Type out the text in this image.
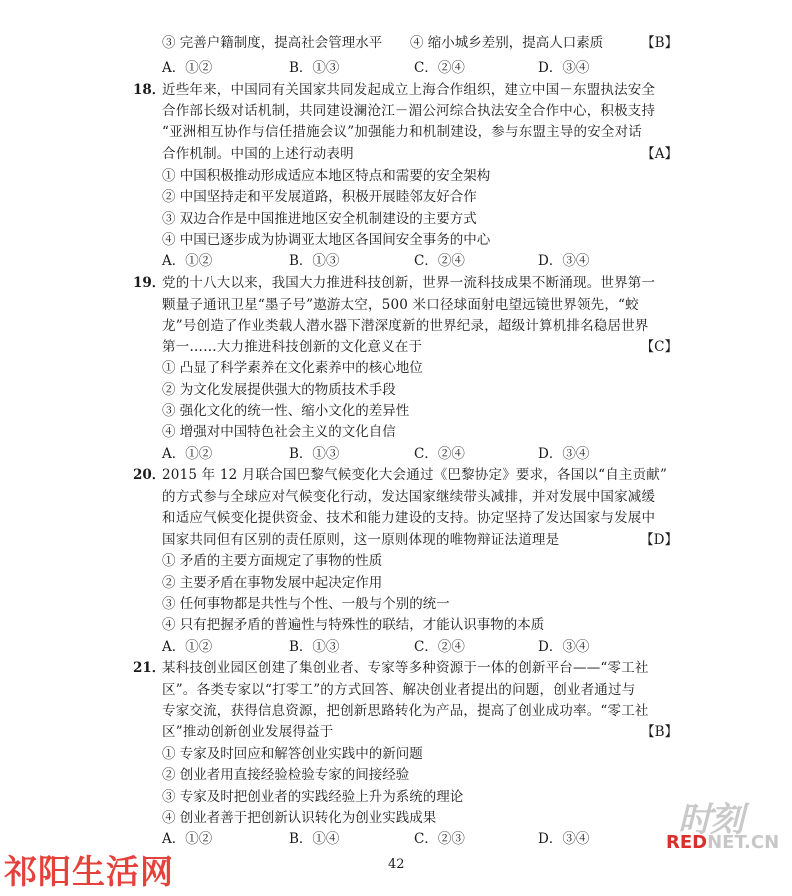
③ 完善户籍制度，提高社会管理水平 ④ 缩小城乡差别，提高人口素质	【B】
A．①②	B．①③	C．②④	D．③④
18．
近些年来，中国同有关国家共同发起成立上海合作组织，建立中国－东盟执法安全
合作部长级对话机制，共同建设澜沧江－湄公河综合执法安全合作中心，积极支持
“亚洲相互协作与信任措施会议”加强能力和机制建设，参与东盟主导的安全对话
合作机制。中国的上述行动表明	【A】
① 中国积极推动形成适应本地区特点和需要的安全架构
② 中国坚持走和平发展道路，积极开展睦邻友好合作
③ 双边合作是中国推进地区安全机制建设的主要方式
④ 中国已逐步成为协调亚太地区各国间安全事务的中心
A．①②	B．①③	C．②④	D．③④
19．
党的十八大以来，我国大力推进科技创新，世界一流科技成果不断涌现。世界第一
颗量子通讯卫星“墨子号”遨游太空，500 米口径球面射电望远镜世界领先，“蛟
龙”号创造了作业类载人潜水器下潜深度新的世界纪录，超级计算机排名稳居世界
第一……大力推进科技创新的文化意义在于	【C】
① 凸显了科学素养在文化素养中的核心地位
② 为文化发展提供强大的物质技术手段
③ 强化文化的统一性、缩小文化的差异性
④ 增强对中国特色社会主义的文化自信
A．①②	B．①③	C．②④	D．③④
20．
2015 年 12 月联合国巴黎气候变化大会通过《巴黎协定》要求，各国以“自主贡献”
的方式参与全球应对气候变化行动，发达国家继续带头减排，并对发展中国家减缓
和适应气候变化提供资金、技术和能力建设的支持。协定坚持了发达国家与发展中
国家共同但有区别的责任原则，这一原则体现的唯物辩证法道理是	【D】
① 矛盾的主要方面规定了事物的性质
② 主要矛盾在事物发展中起决定作用
③ 任何事物都是共性与个性、一般与个别的统一
④ 只有把握矛盾的普遍性与特殊性的联结，才能认识事物的本质
A．①②	B．①③	C．②④	D．③④
21．
某科技创业园区创建了集创业者、专家等多种资源于一体的创新平台——“零工社
区”。各类专家以“打零工”的方式回答、解决创业者提出的问题，创业者通过与
专家交流，获得信息资源，把创新思路转化为产品，提高了创业成功率。“零工社
区”推动创新创业发展得益于	【B】
① 专家及时回应和解答创业实践中的新问题
② 创业者用直接经验检验专家的间接经验
③ 专家及时把创业者的实践经验上升为系统的理论
④ 创业者善于把创新认识转化为创业实践成果
A．①②	B．①④	C．②③	D．③④
42
祁阳生活网
时刻
REDNET.CN
